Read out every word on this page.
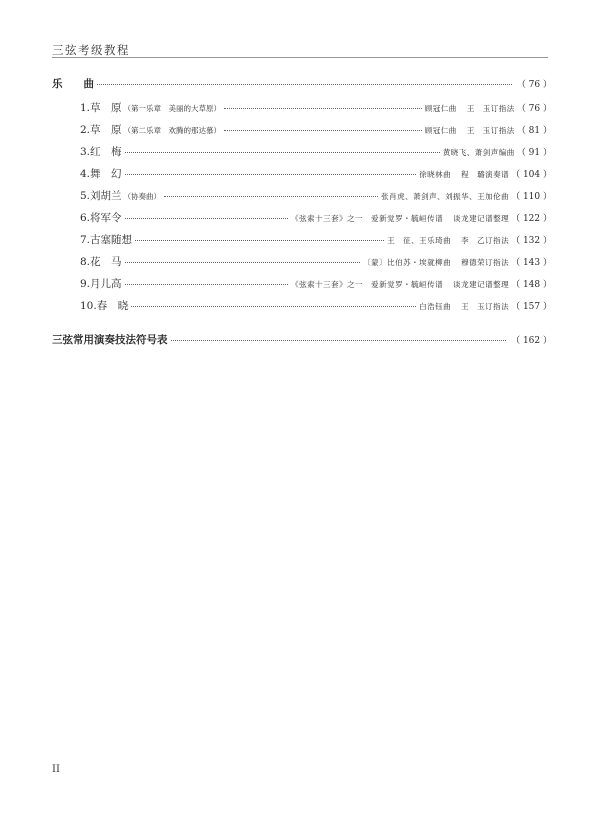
三弦考级教程
乐　　曲	（ 76 ）
1.草　原 （第一乐章　美丽的大草原）	顾冠仁曲 王　玉订指法 （ 76 ）
2.草　原 （第二乐章　欢腾的那达慕）	顾冠仁曲 王　玉订指法 （ 81 ）
3.红　梅	黄晓飞、萧剑声编曲 （ 91 ）
4.舞　幻	徐晓林曲 程　璐演奏谱 （ 104 ）
5.刘胡兰 （协奏曲）	张肖虎、萧剑声、刘振华、王加伦曲 （ 110 ）
6.将军令	《弦索十三套》之一　爱新觉罗・毓峘传谱 谈龙建记谱整理 （ 122 ）
7.古塞随想	王　征、王乐琦曲 李　乙订指法 （ 132 ）
8.花　马	〔蒙〕比伯苏・埃就柳曲 穆德荣订指法 （ 143 ）
9.月儿高	《弦索十三套》之一　爱新觉罗・毓峘传谱 谈龙建记谱整理 （ 148 ）
10.春　晓	白浩钰曲 王　玉订指法 （ 157 ）
三弦常用演奏技法符号表	（ 162 ）
II
